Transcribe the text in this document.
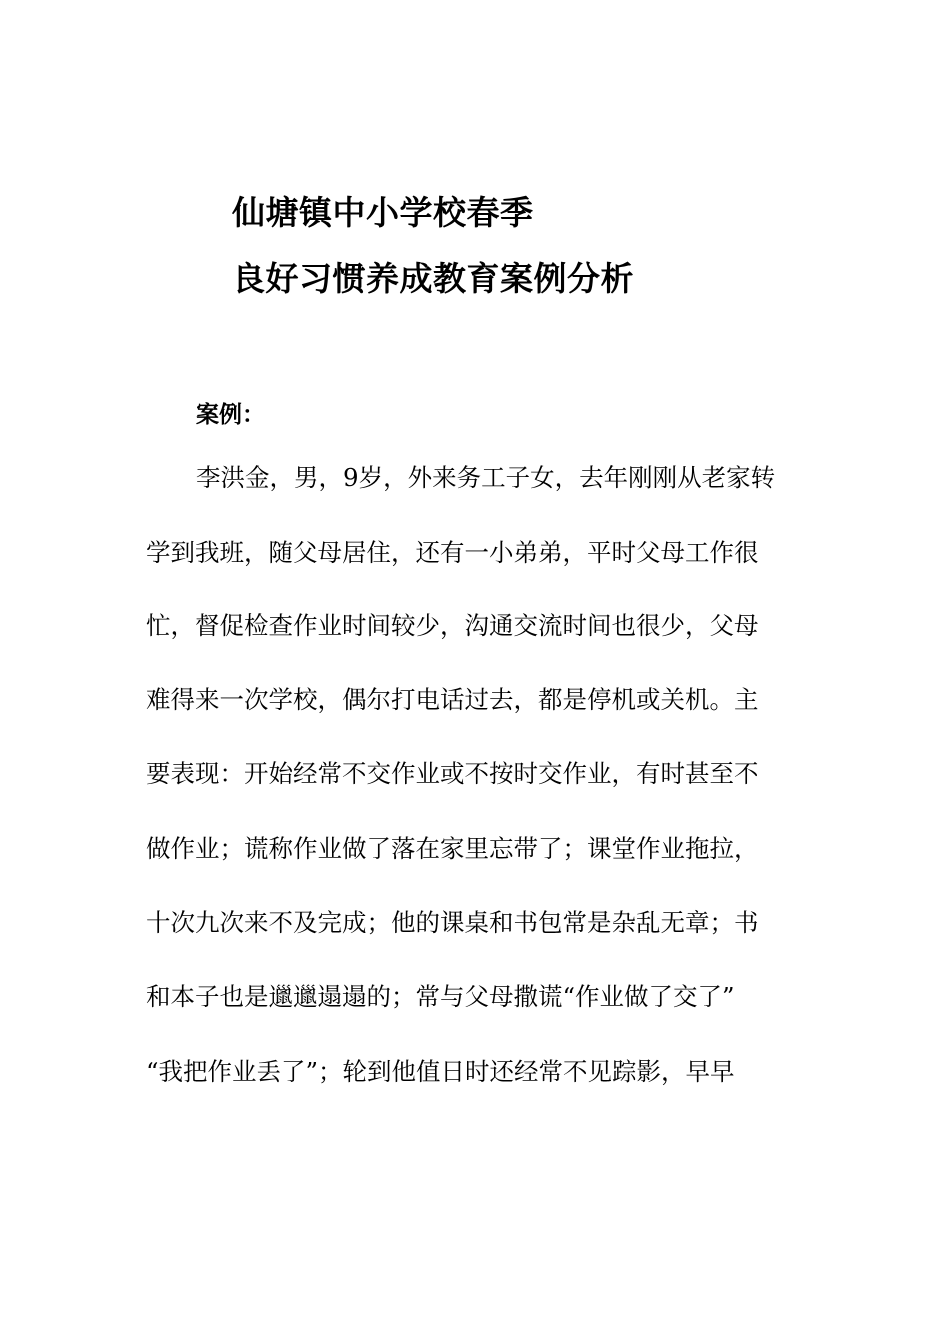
仙塘镇中小学校春季
良好习惯养成教育案例分析
案例：
李洪金，男，9岁，外来务工子女，去年刚刚从老家转
学到我班，随父母居住，还有一小弟弟，平时父母工作很
忙，督促检查作业时间较少，沟通交流时间也很少，父母
难得来一次学校，偶尔打电话过去，都是停机或关机。主
要表现：开始经常不交作业或不按时交作业，有时甚至不
做作业；谎称作业做了落在家里忘带了；课堂作业拖拉，
十次九次来不及完成；他的课桌和书包常是杂乱无章；书
和本子也是邋邋遢遢的；常与父母撒谎“作业做了交了”
“我把作业丢了”；轮到他值日时还经常不见踪影，早早
